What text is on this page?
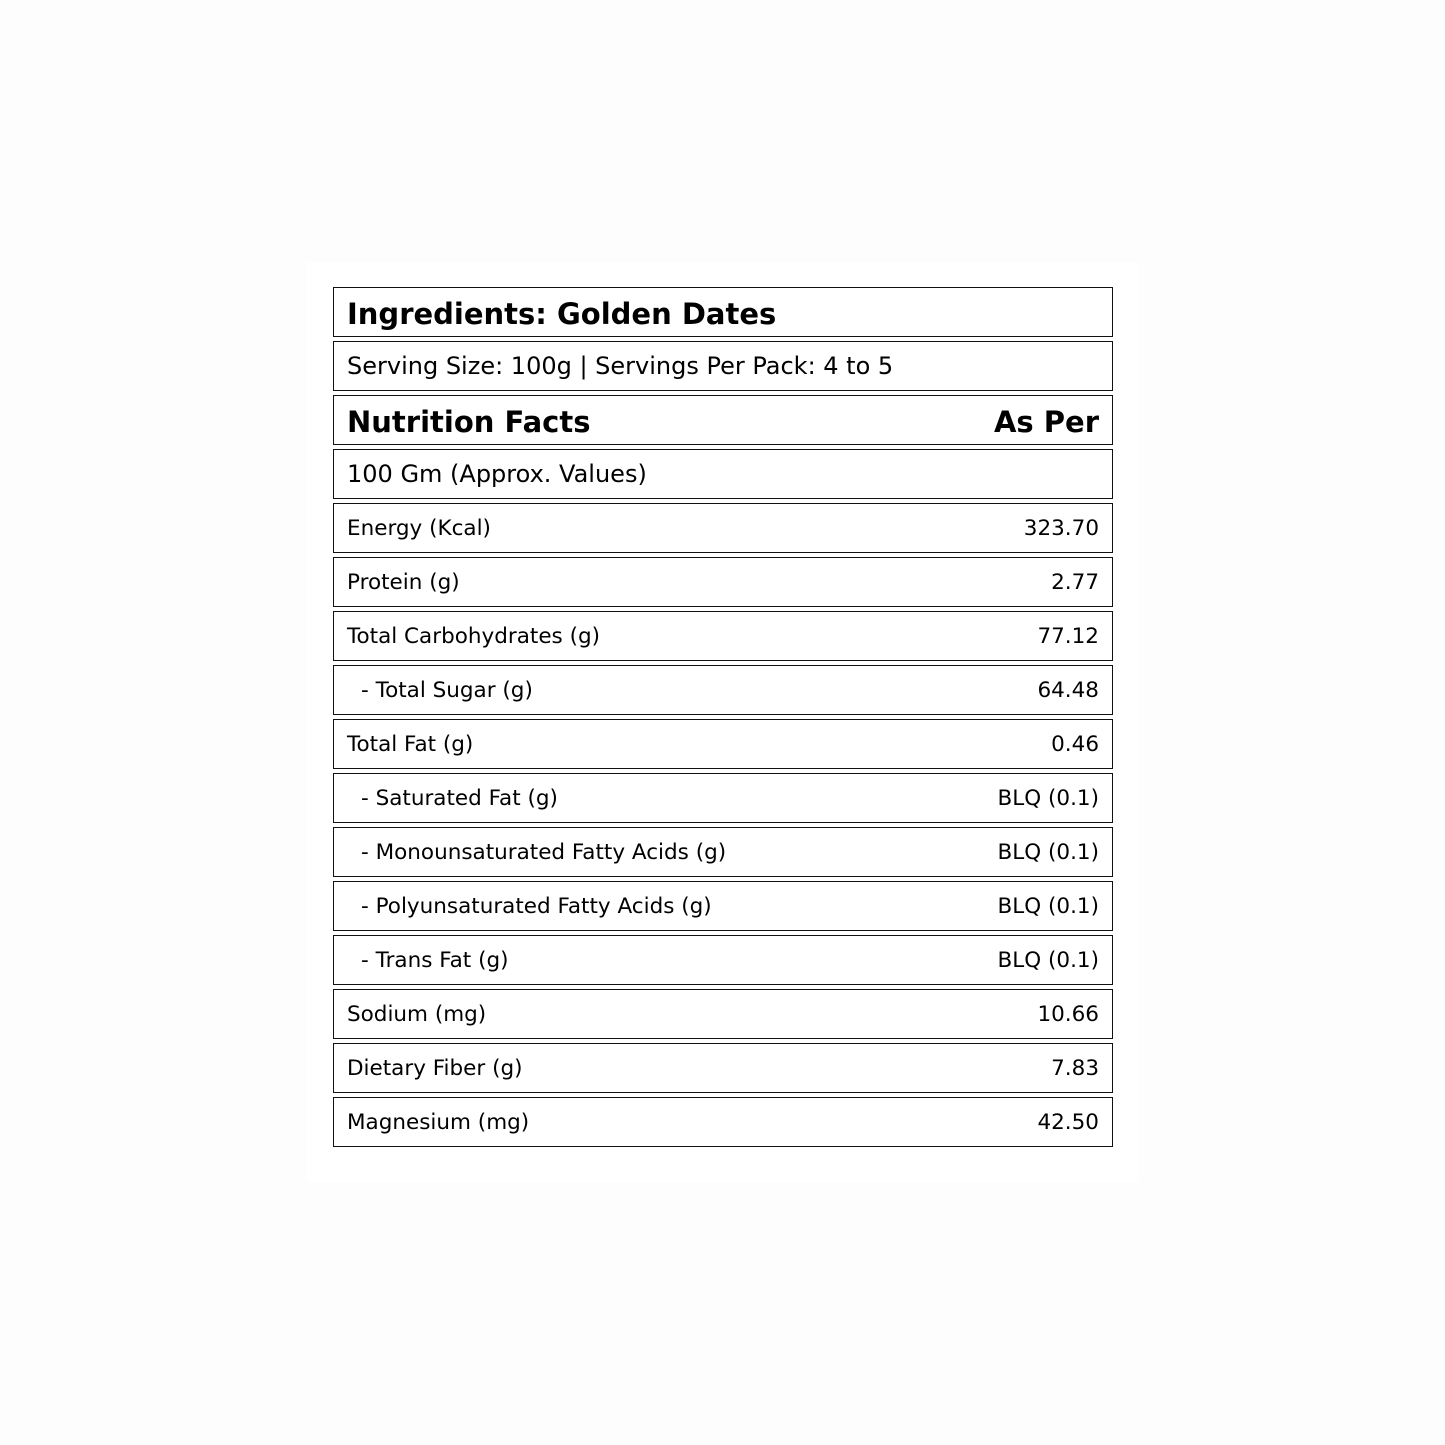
Ingredients: Golden Dates
Serving Size: 100g | Servings Per Pack: 4 to 5
Nutrition Facts	As Per
100 Gm (Approx. Values)
Energy (Kcal)	323.70
Protein (g)	2.77
Total Carbohydrates (g)	77.12
- Total Sugar (g)	64.48
Total Fat (g)	0.46
- Saturated Fat (g)	BLQ (0.1)
- Monounsaturated Fatty Acids (g)	BLQ (0.1)
- Polyunsaturated Fatty Acids (g)	BLQ (0.1)
- Trans Fat (g)	BLQ (0.1)
Sodium (mg)	10.66
Dietary Fiber (g)	7.83
Magnesium (mg)	42.50
